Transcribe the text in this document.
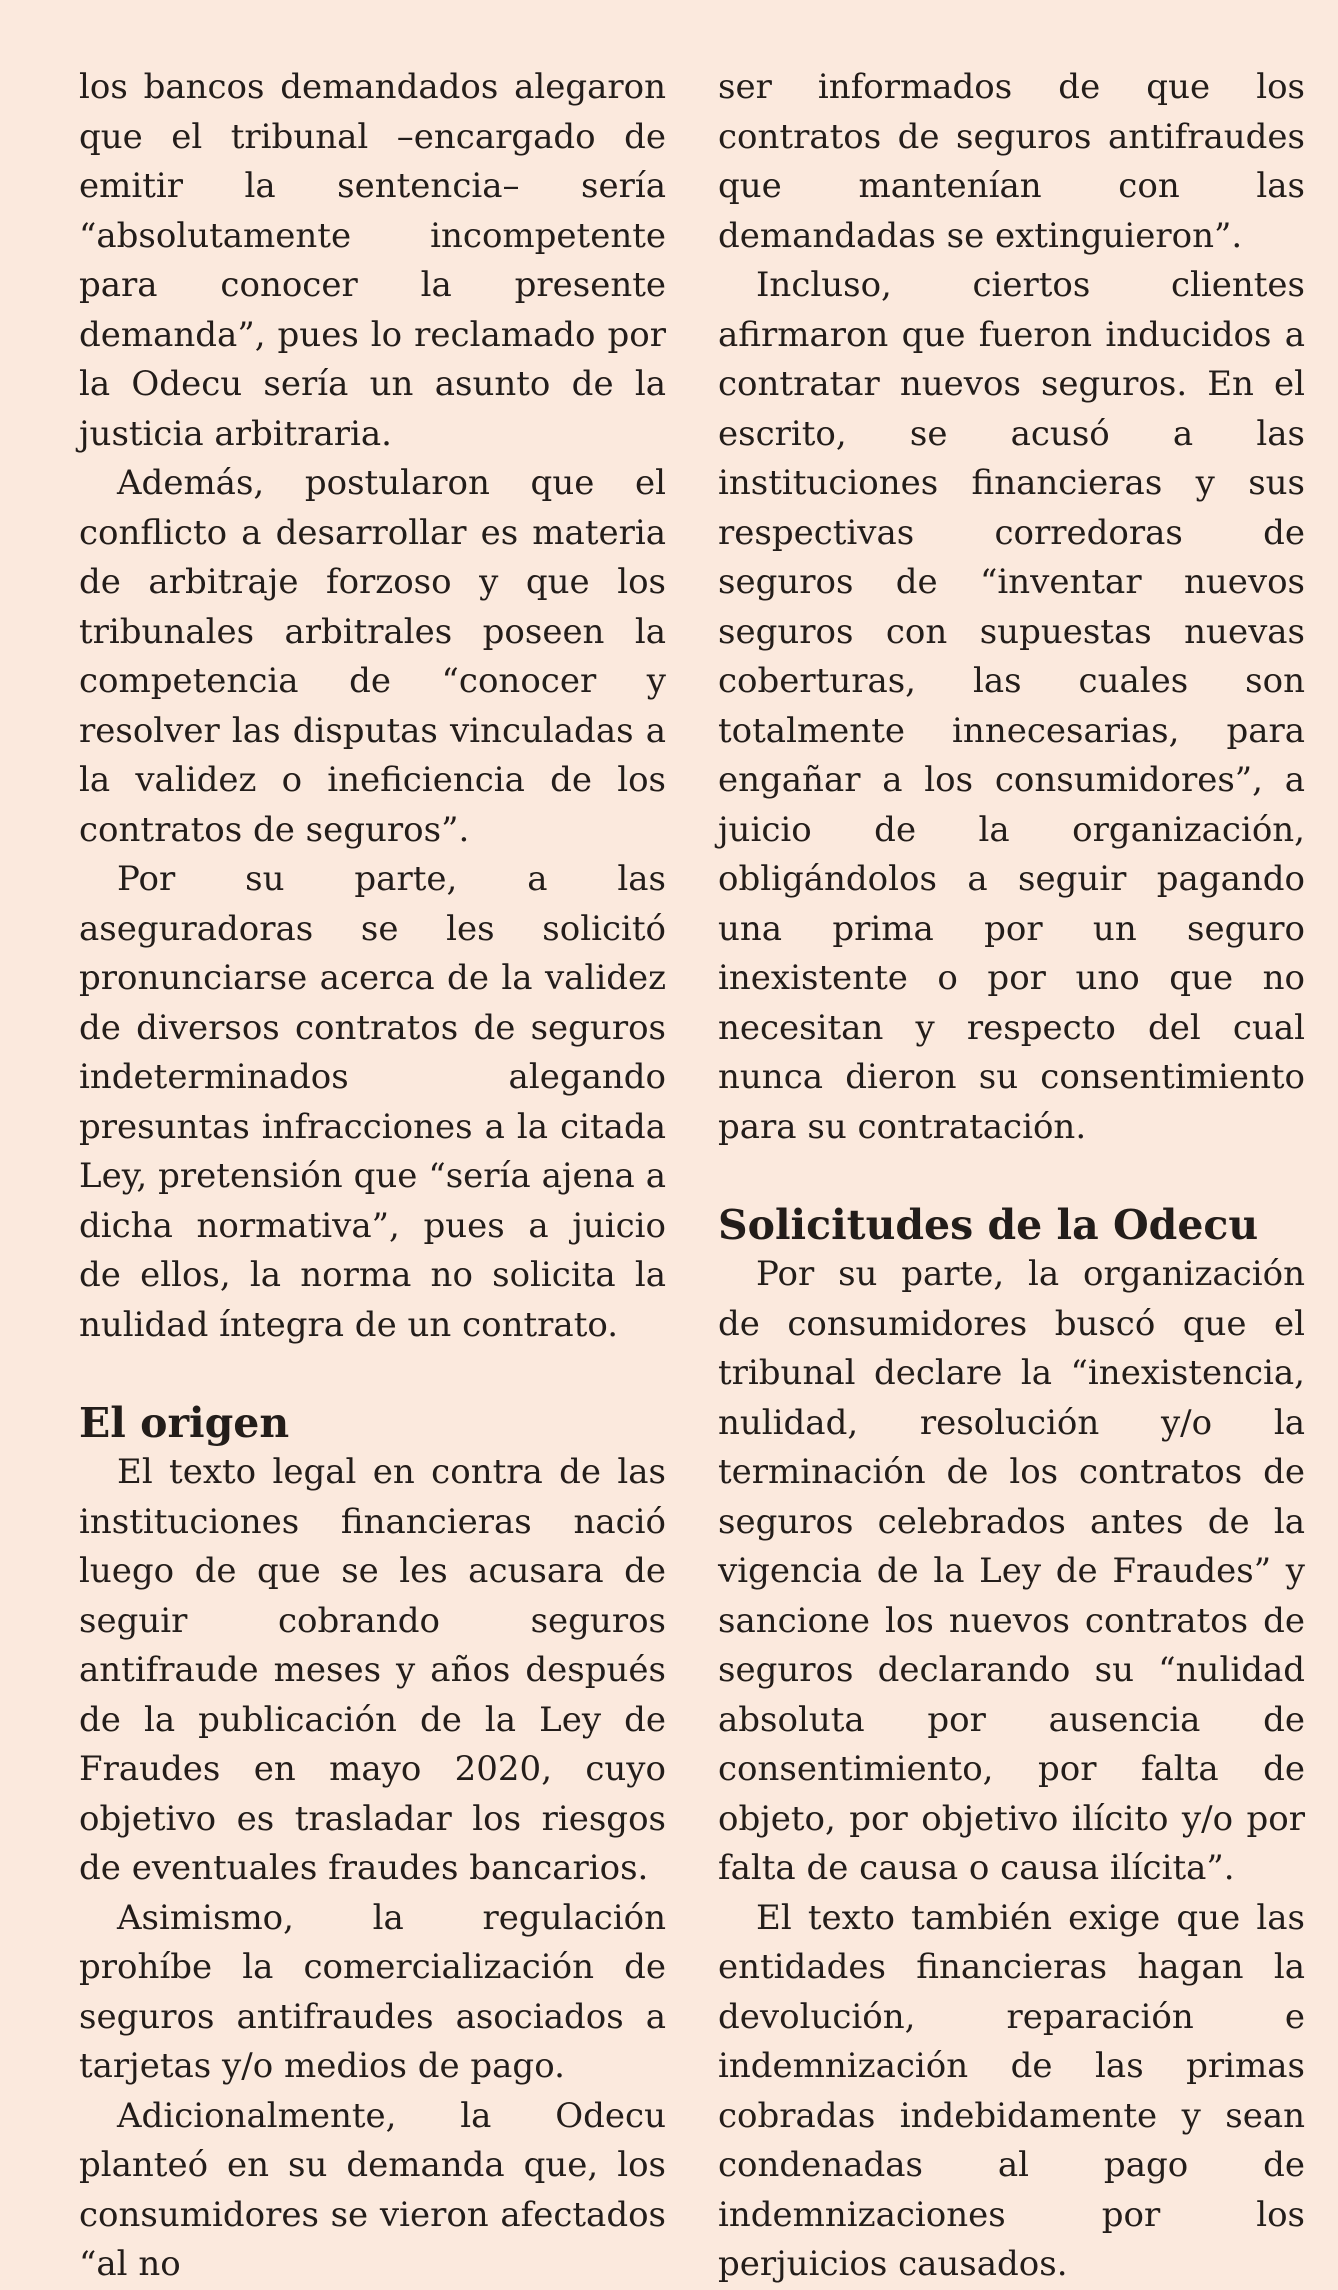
los bancos demandados alegaron que el tribunal –encargado de emitir la sentencia– sería “absolutamente incompetente para conocer la presente demanda”, pues lo reclamado por la Odecu sería un asunto de la justicia arbitraria.

Además, postularon que el conflicto a desarrollar es materia de arbitraje forzoso y que los tribunales arbitrales poseen la competencia de “conocer y resolver las disputas vinculadas a la validez o ineficiencia de los contratos de seguros”.

Por su parte, a las aseguradoras se les solicitó pronunciarse acerca de la validez de diversos contratos de seguros indeterminados alegando presuntas infracciones a la citada Ley, pretensión que “sería ajena a dicha normativa”, pues a juicio de ellos, la norma no solicita la nulidad íntegra de un contrato.

El origen

El texto legal en contra de las instituciones financieras nació luego de que se les acusara de seguir cobrando seguros antifraude meses y años después de la publicación de la Ley de Fraudes en mayo 2020, cuyo objetivo es trasladar los riesgos de eventuales fraudes bancarios.

Asimismo, la regulación prohíbe la comercialización de seguros antifraudes asociados a tarjetas y/o medios de pago.

Adicionalmente, la Odecu planteó en su demanda que, los consumidores se vieron afectados “al no

ser informados de que los contratos de seguros antifraudes que mantenían con las demandadas se extinguieron”.

Incluso, ciertos clientes afirmaron que fueron inducidos a contratar nuevos seguros. En el escrito, se acusó a las instituciones financieras y sus respectivas corredoras de seguros de “inventar nuevos seguros con supuestas nuevas coberturas, las cuales son totalmente innecesarias, para engañar a los consumidores”, a juicio de la organización, obligándolos a seguir pagando una prima por un seguro inexistente o por uno que no necesitan y respecto del cual nunca dieron su consentimiento para su contratación.

Solicitudes de la Odecu

Por su parte, la organización de consumidores buscó que el tribunal declare la “inexistencia, nulidad, resolución y/o la terminación de los contratos de seguros celebrados antes de la vigencia de la Ley de Fraudes” y sancione los nuevos contratos de seguros declarando su “nulidad absoluta por ausencia de consentimiento, por falta de objeto, por objetivo ilícito y/o por falta de causa o causa ilícita”.

El texto también exige que las entidades financieras hagan la devolución, reparación e indemnización de las primas cobradas indebidamente y sean condenadas al pago de indemnizaciones por los perjuicios causados.
